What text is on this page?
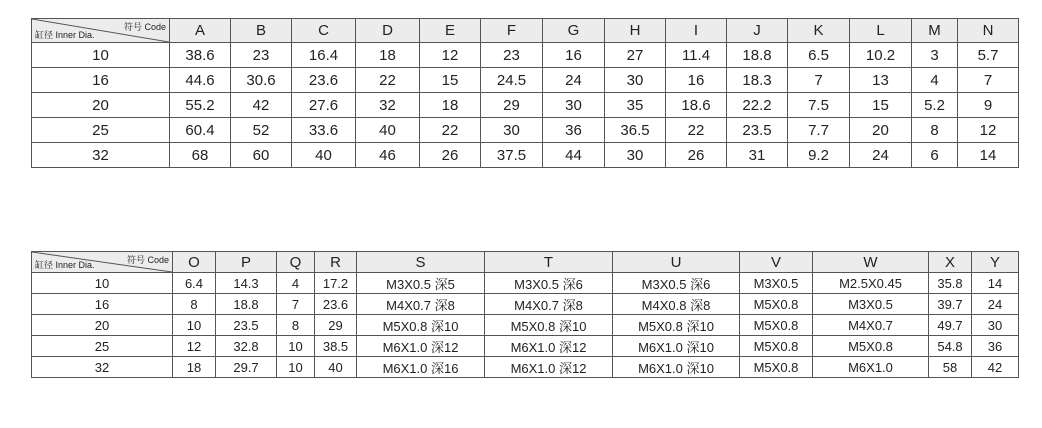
符号 Code
缸径 Inner Dia.	A	B	C	D	E	F	G	H	I	J	K	L	M	N
10	38.6	23	16.4	18	12	23	16	27	11.4	18.8	6.5	10.2	3	5.7
16	44.6	30.6	23.6	22	15	24.5	24	30	16	18.3	7	13	4	7
20	55.2	42	27.6	32	18	29	30	35	18.6	22.2	7.5	15	5.2	9
25	60.4	52	33.6	40	22	30	36	36.5	22	23.5	7.7	20	8	12
32	68	60	40	46	26	37.5	44	30	26	31	9.2	24	6	14
符号 Code
缸径 Inner Dia.	O	P	Q	R	S	T	U	V	W	X	Y
10	6.4	14.3	4	17.2	M3X0.5 深5	M3X0.5 深6	M3X0.5 深6	M3X0.5	M2.5X0.45	35.8	14
16	8	18.8	7	23.6	M4X0.7 深8	M4X0.7 深8	M4X0.8 深8	M5X0.8	M3X0.5	39.7	24
20	10	23.5	8	29	M5X0.8 深10	M5X0.8 深10	M5X0.8 深10	M5X0.8	M4X0.7	49.7	30
25	12	32.8	10	38.5	M6X1.0 深12	M6X1.0 深12	M6X1.0 深10	M5X0.8	M5X0.8	54.8	36
32	18	29.7	10	40	M6X1.0 深16	M6X1.0 深12	M6X1.0 深10	M5X0.8	M6X1.0	58	42
